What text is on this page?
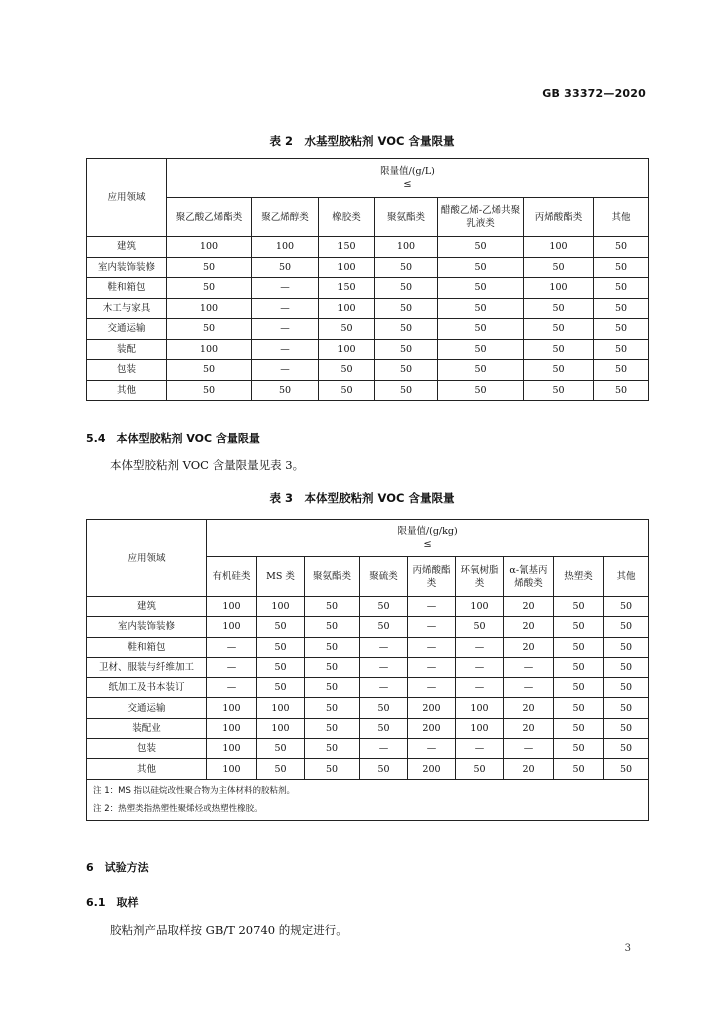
GB 33372—2020
表 2　水基型胶粘剂 VOC 含量限量
应用领域	限量值/(g/L)
≤						

	聚乙酸乙烯酯类	聚乙烯醇类	橡胶类	聚氨酯类	醋酸乙烯-乙烯共聚乳液类	丙烯酸酯类	其他
建筑	100	100	150	100	50	100	50
室内装饰装修	50	50	100	50	50	50	50
鞋和箱包	50	—	150	50	50	100	50
木工与家具	100	—	100	50	50	50	50
交通运输	50	—	50	50	50	50	50
装配	100	—	100	50	50	50	50
包装	50	—	50	50	50	50	50
其他	50	50	50	50	50	50	50
5.4　本体型胶粘剂 VOC 含量限量
本体型胶粘剂 VOC 含量限量见表 3。
表 3　本体型胶粘剂 VOC 含量限量
应用领域	限量值/(g/kg)
≤								

	有机硅类	MS 类	聚氨酯类	聚硫类	丙烯酸酯类	环氧树脂类	α-氰基丙烯酸类	热塑类	其他
建筑	100	100	50	50	—	100	20	50	50
室内装饰装修	100	50	50	50	—	50	20	50	50
鞋和箱包	—	50	50	—	—	—	20	50	50
卫材、服装与纤维加工	—	50	50	—	—	—	—	50	50
纸加工及书本装订	—	50	50	—	—	—	—	50	50
交通运输	100	100	50	50	200	100	20	50	50
装配业	100	100	50	50	200	100	20	50	50
包装	100	50	50	—	—	—	—	50	50
其他	100	50	50	50	200	50	20	50	50

注 1：MS 指以硅烷改性聚合物为主体材料的胶粘剂。
注 2：热塑类指热塑性聚烯烃或热塑性橡胶。									
6　试验方法
6.1　取样
胶粘剂产品取样按 GB/T 20740 的规定进行。
3
